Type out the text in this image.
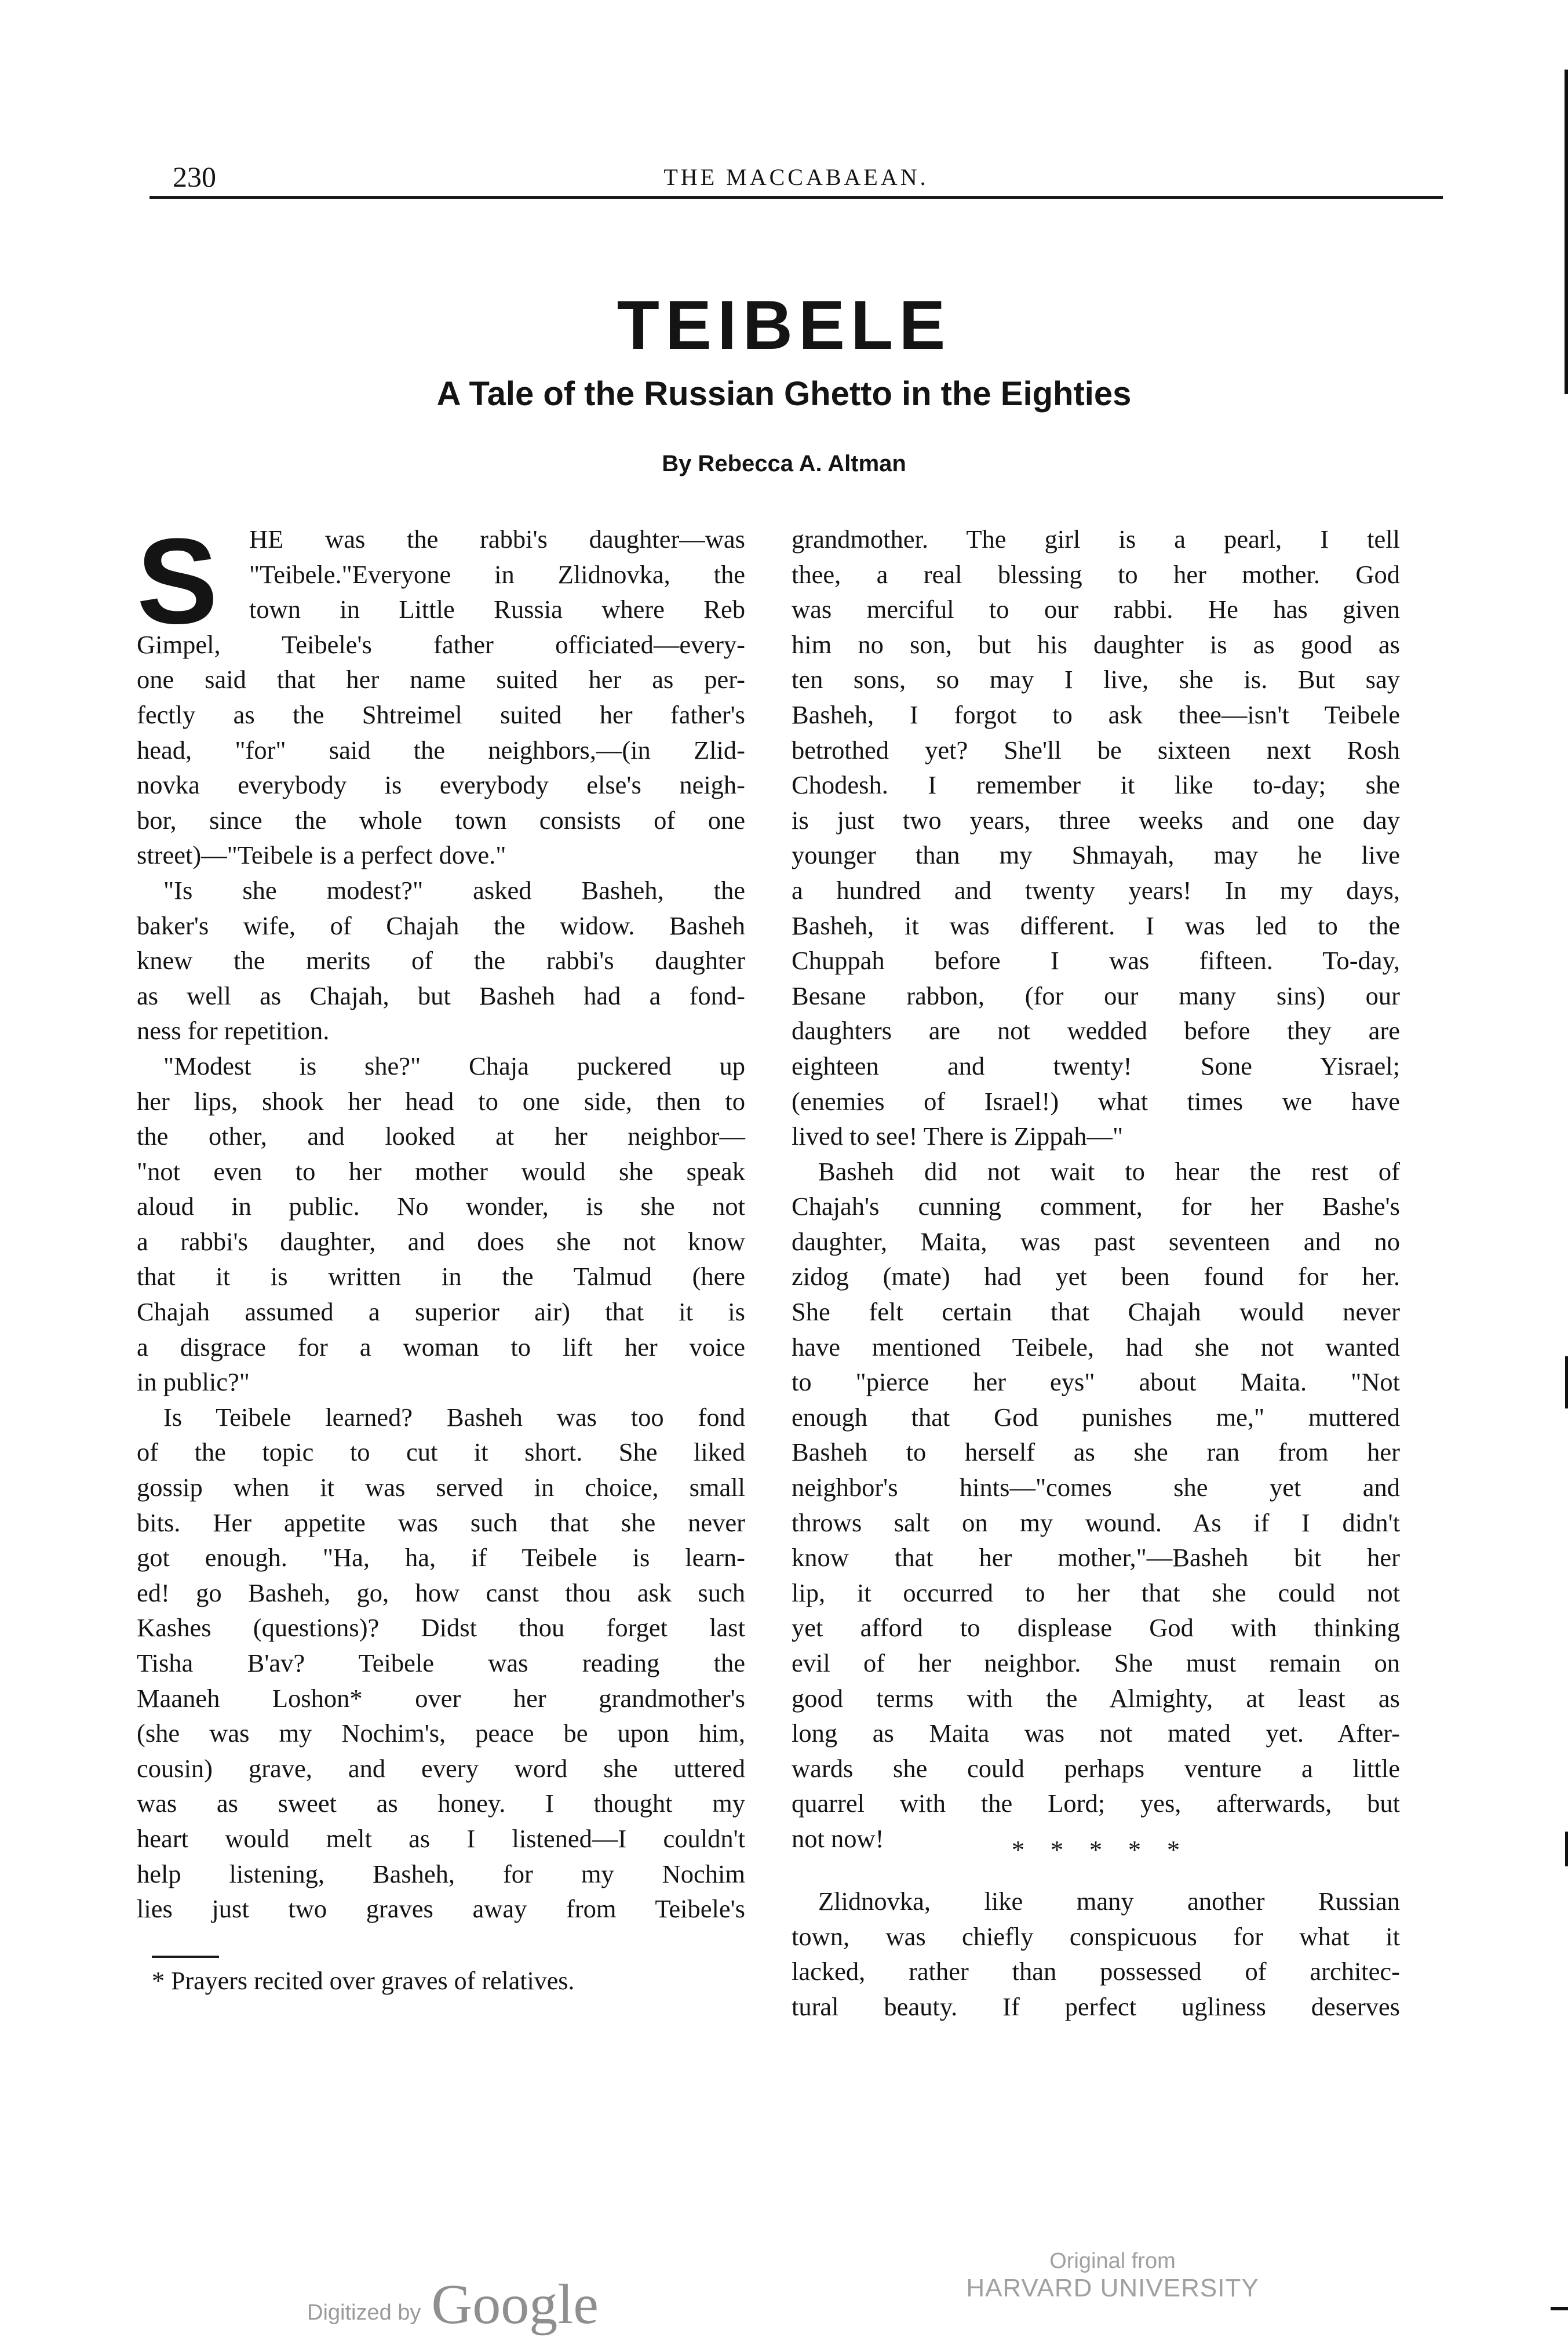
230	THE MACCABAEAN.
TEIBELE
A Tale of the Russian Ghetto in the Eighties
By Rebecca A. Altman
S	HE was the rabbi's daughter—was
"Teibele."Everyone in Zlidnovka, the
town in Little Russia where Reb
Gimpel, Teibele's father officiated—every-
one said that her name suited her as per-
fectly as the Shtreimel suited her father's
head, "for" said the neighbors,—(in Zlid-
novka everybody is everybody else's neigh-
bor, since the whole town consists of one
street)—"Teibele is a perfect dove."
"Is she modest?" asked Basheh, the
baker's wife, of Chajah the widow. Basheh
knew the merits of the rabbi's daughter
as well as Chajah, but Basheh had a fond-
ness for repetition.
"Modest is she?" Chaja puckered up
her lips, shook her head to one side, then to
the other, and looked at her neighbor—
"not even to her mother would she speak
aloud in public. No wonder, is she not
a rabbi's daughter, and does she not know
that it is written in the Talmud (here
Chajah assumed a superior air) that it is
a disgrace for a woman to lift her voice
in public?"
Is Teibele learned? Basheh was too fond
of the topic to cut it short. She liked
gossip when it was served in choice, small
bits. Her appetite was such that she never
got enough. "Ha, ha, if Teibele is learn-
ed! go Basheh, go, how canst thou ask such
Kashes (questions)? Didst thou forget last
Tisha B'av? Teibele was reading the
Maaneh Loshon* over her grandmother's
(she was my Nochim's, peace be upon him,
cousin) grave, and every word she uttered
was as sweet as honey. I thought my
heart would melt as I listened—I couldn't
help listening, Basheh, for my Nochim
lies just two graves away from Teibele's
* Prayers recited over graves of relatives.
grandmother. The girl is a pearl, I tell
thee, a real blessing to her mother. God
was merciful to our rabbi. He has given
him no son, but his daughter is as good as
ten sons, so may I live, she is. But say
Basheh, I forgot to ask thee—isn't Teibele
betrothed yet? She'll be sixteen next Rosh
Chodesh. I remember it like to-day; she
is just two years, three weeks and one day
younger than my Shmayah, may he live
a hundred and twenty years! In my days,
Basheh, it was different. I was led to the
Chuppah before I was fifteen. To-day,
Besane rabbon, (for our many sins) our
daughters are not wedded before they are
eighteen and twenty! Sone Yisrael;
(enemies of Israel!) what times we have
lived to see! There is Zippah—"
Basheh did not wait to hear the rest of
Chajah's cunning comment, for her Bashe's
daughter, Maita, was past seventeen and no
zidog (mate) had yet been found for her.
She felt certain that Chajah would never
have mentioned Teibele, had she not wanted
to "pierce her eys" about Maita. "Not
enough that God punishes me," muttered
Basheh to herself as she ran from her
neighbor's hints—"comes she yet and
throws salt on my wound. As if I didn't
know that her mother,"—Basheh bit her
lip, it occurred to her that she could not
yet afford to displease God with thinking
evil of her neighbor. She must remain on
good terms with the Almighty, at least as
long as Maita was not mated yet. After-
wards she could perhaps venture a little
quarrel with the Lord; yes, afterwards, but
not now!	* * * * *
Zlidnovka, like many another Russian
town, was chiefly conspicuous for what it
lacked, rather than possessed of architec-
tural beauty. If perfect ugliness deserves
Digitized by Google
Original from
HARVARD UNIVERSITY
